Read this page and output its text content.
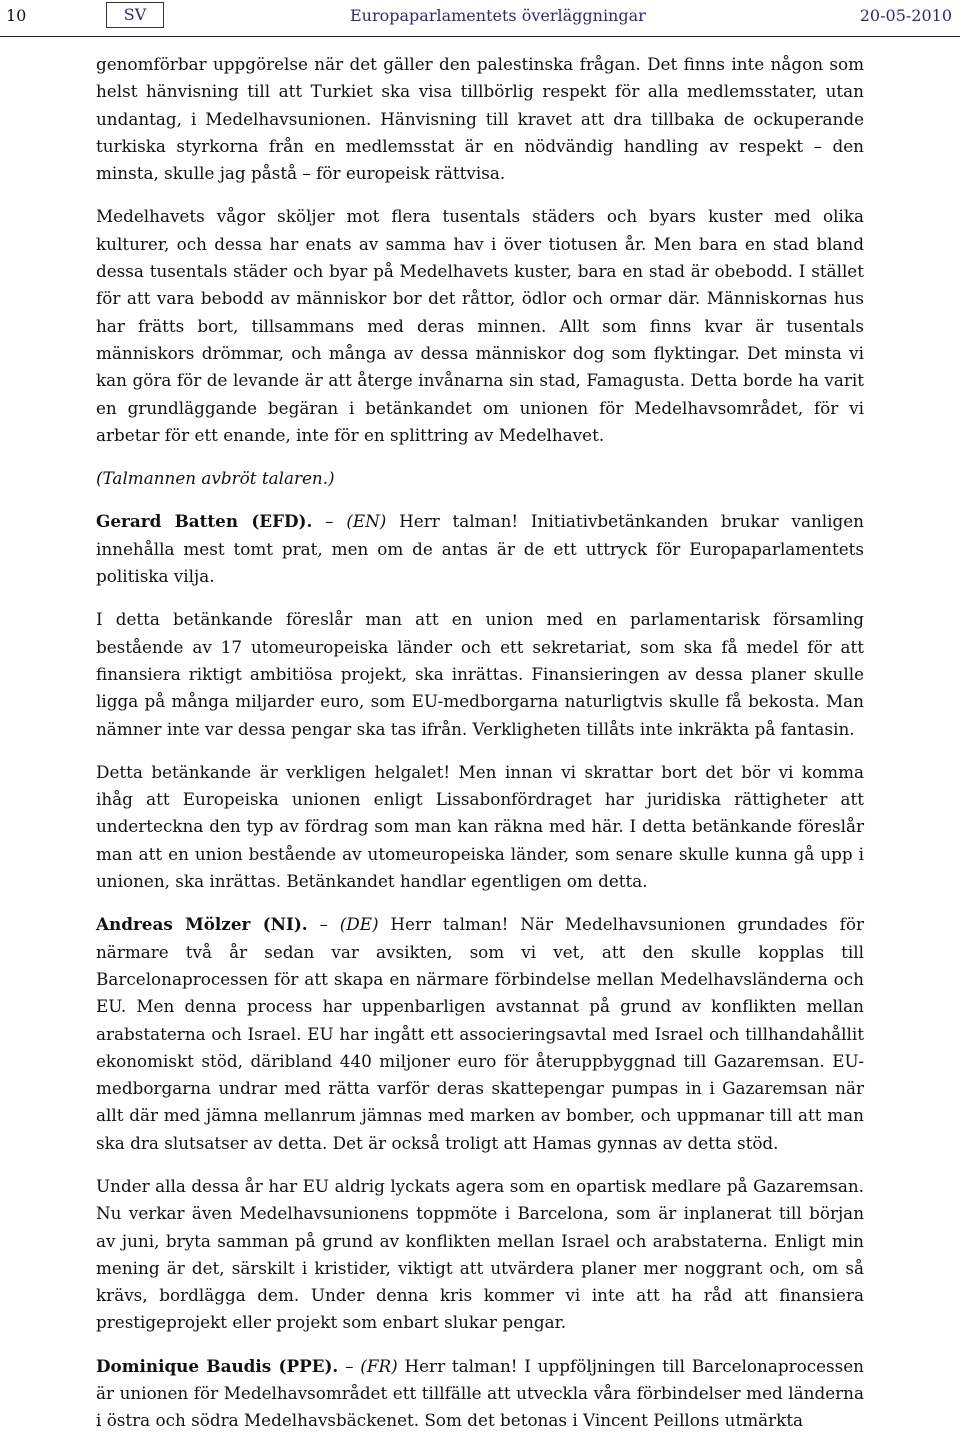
10	SV	Europaparlamentets överläggningar	20-05-2010

genomförbar uppgörelse när det gäller den palestinska frågan. Det finns inte någon som helst hänvisning till att Turkiet ska visa tillbörlig respekt för alla medlemsstater, utan undantag, i Medelhavsunionen. Hänvisning till kravet att dra tillbaka de ockuperande turkiska styrkorna från en medlemsstat är en nödvändig handling av respekt – den minsta, skulle jag påstå – för europeisk rättvisa.

Medelhavets vågor sköljer mot flera tusentals städers och byars kuster med olika kulturer, och dessa har enats av samma hav i över tiotusen år. Men bara en stad bland dessa tusentals städer och byar på Medelhavets kuster, bara en stad är obebodd. I stället för att vara bebodd av människor bor det råttor, ödlor och ormar där. Människornas hus har frätts bort, tillsammans med deras minnen. Allt som finns kvar är tusentals människors drömmar, och många av dessa människor dog som flyktingar. Det minsta vi kan göra för de levande är att återge invånarna sin stad, Famagusta. Detta borde ha varit en grundläggande begäran i betänkandet om unionen för Medelhavsområdet, för vi arbetar för ett enande, inte för en splittring av Medelhavet.

(Talmannen avbröt talaren.)

Gerard Batten (EFD). – (EN) Herr talman! Initiativbetänkanden brukar vanligen innehålla mest tomt prat, men om de antas är de ett uttryck för Europaparlamentets politiska vilja.

I detta betänkande föreslår man att en union med en parlamentarisk församling bestående av 17 utomeuropeiska länder och ett sekretariat, som ska få medel för att finansiera riktigt ambitiösa projekt, ska inrättas. Finansieringen av dessa planer skulle ligga på många miljarder euro, som EU-medborgarna naturligtvis skulle få bekosta. Man nämner inte var dessa pengar ska tas ifrån. Verkligheten tillåts inte inkräkta på fantasin.

Detta betänkande är verkligen helgalet! Men innan vi skrattar bort det bör vi komma ihåg att Europeiska unionen enligt Lissabonfördraget har juridiska rättigheter att underteckna den typ av fördrag som man kan räkna med här. I detta betänkande föreslår man att en union bestående av utomeuropeiska länder, som senare skulle kunna gå upp i unionen, ska inrättas. Betänkandet handlar egentligen om detta.

Andreas Mölzer (NI). – (DE) Herr talman! När Medelhavsunionen grundades för närmare två år sedan var avsikten, som vi vet, att den skulle kopplas till Barcelonaprocessen för att skapa en närmare förbindelse mellan Medelhavsländerna och EU. Men denna process har uppenbarligen avstannat på grund av konflikten mellan arabstaterna och Israel. EU har ingått ett associeringsavtal med Israel och tillhandahållit ekonomiskt stöd, däribland 440 miljoner euro för återuppbyggnad till Gazaremsan. EU-medborgarna undrar med rätta varför deras skattepengar pumpas in i Gazaremsan när allt där med jämna mellanrum jämnas med marken av bomber, och uppmanar till att man ska dra slutsatser av detta. Det är också troligt att Hamas gynnas av detta stöd.

Under alla dessa år har EU aldrig lyckats agera som en opartisk medlare på Gazaremsan. Nu verkar även Medelhavsunionens toppmöte i Barcelona, som är inplanerat till början av juni, bryta samman på grund av konflikten mellan Israel och arabstaterna. Enligt min mening är det, särskilt i kristider, viktigt att utvärdera planer mer noggrant och, om så krävs, bordlägga dem. Under denna kris kommer vi inte att ha råd att finansiera prestigeprojekt eller projekt som enbart slukar pengar.

Dominique Baudis (PPE). – (FR) Herr talman! I uppföljningen till Barcelonaprocessen är unionen för Medelhavsområdet ett tillfälle att utveckla våra förbindelser med länderna i östra och södra Medelhavsbäckenet. Som det betonas i Vincent Peillons utmärkta
